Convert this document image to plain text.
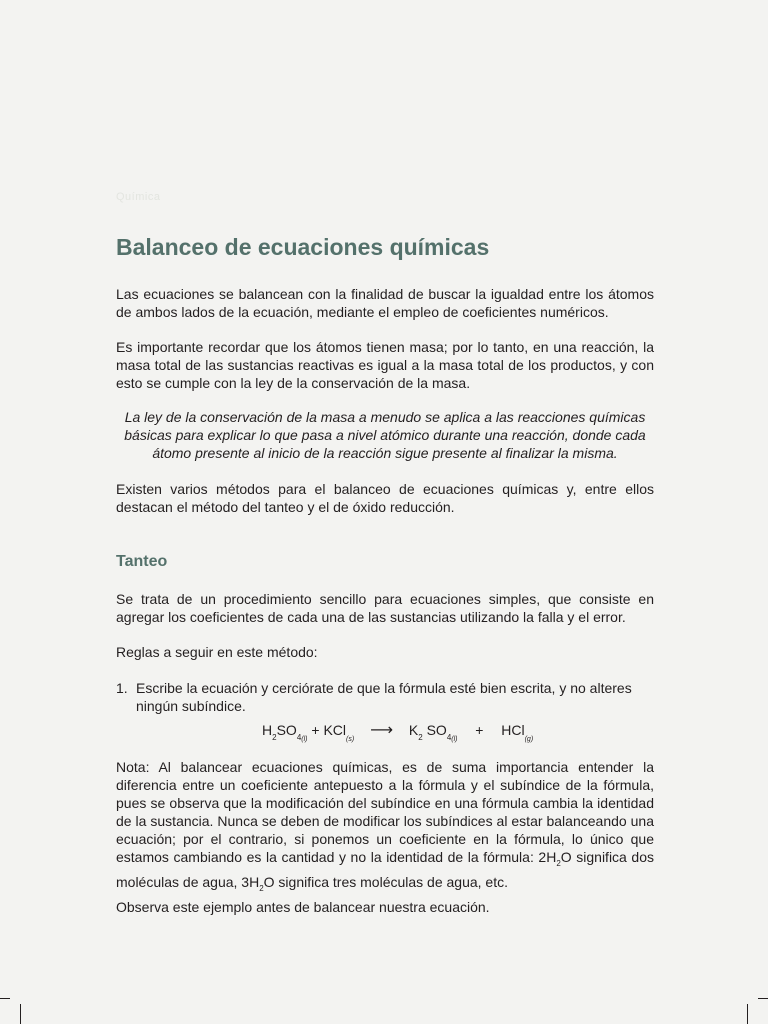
Química
Balanceo de ecuaciones químicas

Las ecuaciones se balancean con la finalidad de buscar la igualdad entre los átomos de ambos lados de la ecuación, mediante el empleo de coeficientes numéricos.

Es importante recordar que los átomos tienen masa; por lo tanto, en una reacción, la masa total de las sustancias reactivas es igual a la masa total de los productos, y con esto se cumple con la ley de la conservación de la masa.

La ley de la conservación de la masa a menudo se aplica a las reacciones químicas básicas para explicar lo que pasa a nivel atómico durante una reacción, donde cada átomo presente al inicio de la reacción sigue presente al finalizar la misma.

Existen varios métodos para el balanceo de ecuaciones químicas y, entre ellos destacan el método del tanteo y el de óxido reducción.

Tanteo

Se trata de un procedimiento sencillo para ecuaciones simples, que consiste en agregar los coeficientes de cada una de las sustancias utilizando la falla y el error.

Reglas a seguir en este método:

1. Escribe la ecuación y cerciórate de que la fórmula esté bien escrita, y no alteres ningún subíndice.

$H_2SO_{4(l)} + KCl_{(s)}$ ⟶ $K_2$ $SO_{4(l)} + HCl_{(g)}$

Nota: Al balancear ecuaciones químicas, es de suma importancia entender la diferencia entre un coeficiente antepuesto a la fórmula y el subíndice de la fórmula, pues se observa que la modificación del subíndice en una fórmula cambia la identidad de la sustancia. Nunca se deben de modificar los subíndices al estar balanceando una ecuación; por el contrario, si ponemos un coeficiente en la fórmula, lo único que estamos cambiando es la cantidad y no la identidad de la fórmula: $2H_2O$ significa dos moléculas de agua, $3H_2O$ significa tres moléculas de agua, etc.

Observa este ejemplo antes de balancear nuestra ecuación.
